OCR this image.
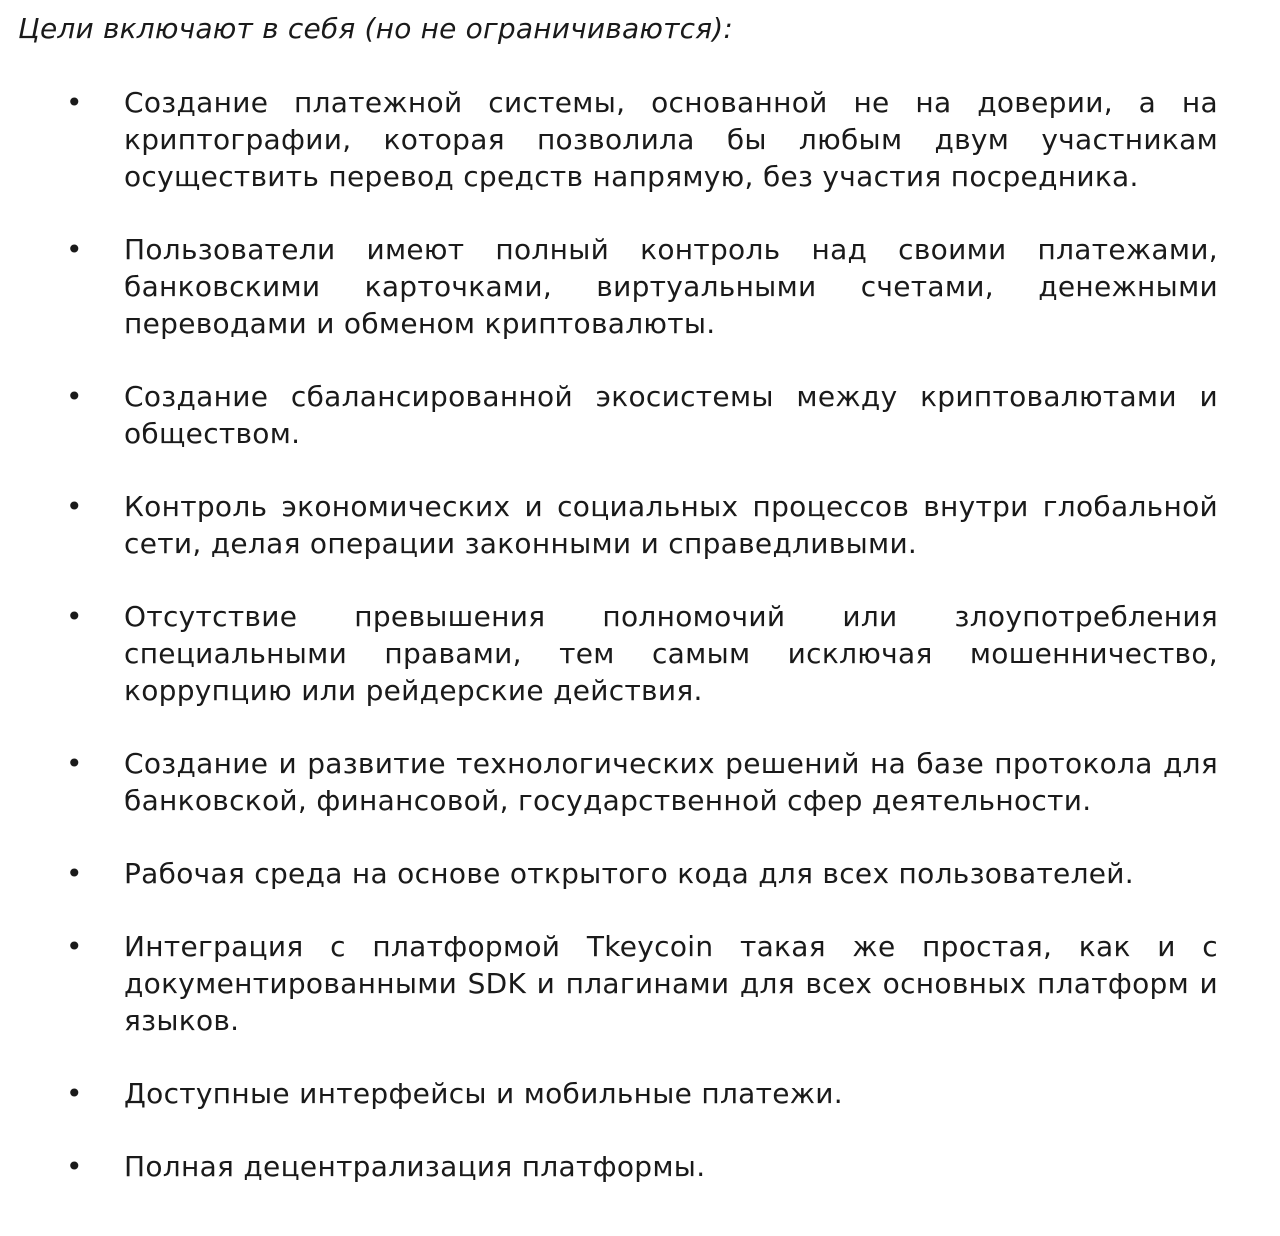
Цели включают в себя (но не ограничиваются):

• Создание платежной системы, основанной не на доверии, а на криптографии, которая позволила бы любым двум участникам осуществить перевод средств напрямую, без участия посредника.
• Пользователи имеют полный контроль над своими платежами, банковскими карточками, виртуальными счетами, денежными переводами и обменом криптовалюты.
• Создание сбалансированной экосистемы между криптовалютами и обществом.
• Контроль экономических и социальных процессов внутри глобальной сети, делая операции законными и справедливыми.
• Отсутствие превышения полномочий или злоупотребления специальными правами, тем самым исключая мошенничество, коррупцию или рейдерские действия.
• Создание и развитие технологических решений на базе протокола для банковской, финансовой, государственной сфер деятельности.
• Рабочая среда на основе открытого кода для всех пользователей.
• Интеграция с платформой Tkeycoin такая же простая, как и с документированными SDK и плагинами для всех основных платформ и языков.
• Доступные интерфейсы и мобильные платежи.
• Полная децентрализация платформы.
